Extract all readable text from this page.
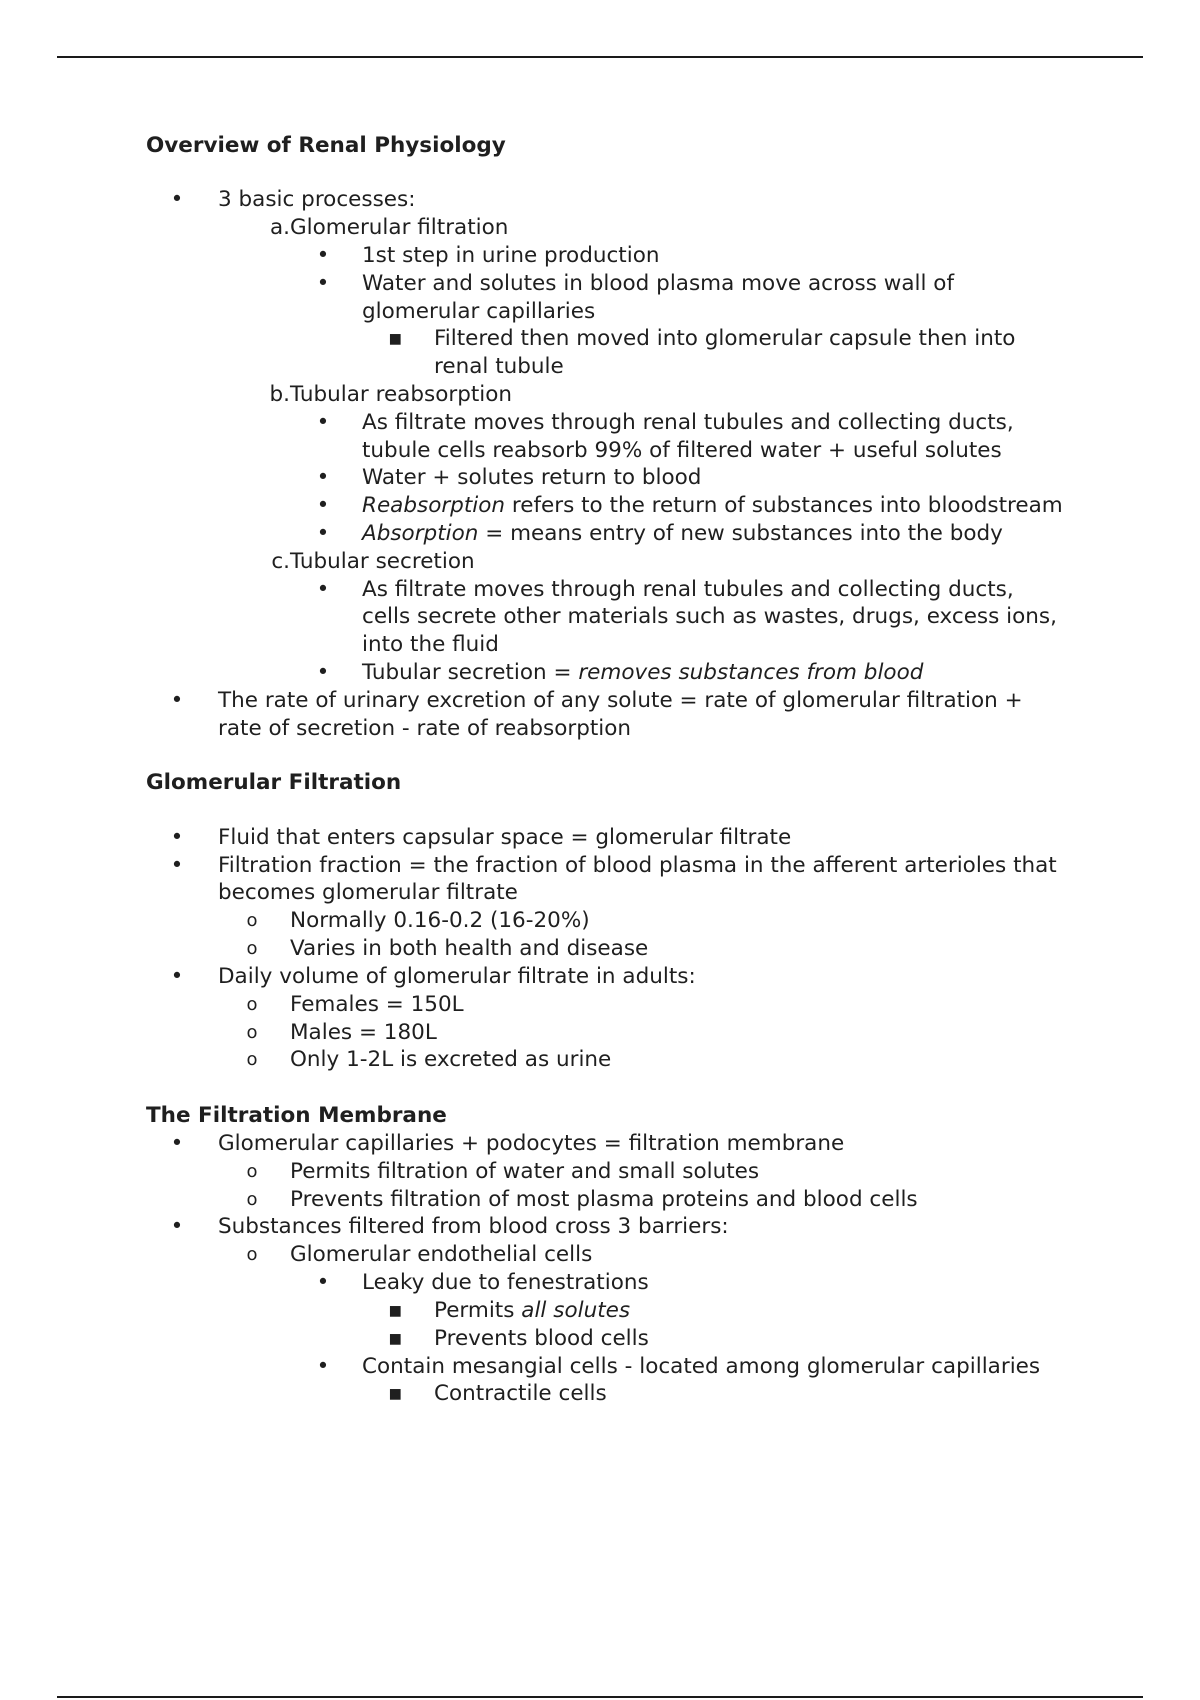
Overview of Renal Physiology
• 3 basic processes:
a. Glomerular filtration
• 1st step in urine production
• Water and solutes in blood plasma move across wall of
glomerular capillaries
▪ Filtered then moved into glomerular capsule then into
renal tubule
b. Tubular reabsorption
• As filtrate moves through renal tubules and collecting ducts,
tubule cells reabsorb 99% of filtered water + useful solutes
• Water + solutes return to blood
• Reabsorption refers to the return of substances into bloodstream
• Absorption = means entry of new substances into the body
c. Tubular secretion
• As filtrate moves through renal tubules and collecting ducts,
cells secrete other materials such as wastes, drugs, excess ions,
into the fluid
• Tubular secretion = removes substances from blood
• The rate of urinary excretion of any solute = rate of glomerular filtration +
rate of secretion - rate of reabsorption
Glomerular Filtration
• Fluid that enters capsular space = glomerular filtrate
• Filtration fraction = the fraction of blood plasma in the afferent arterioles that
becomes glomerular filtrate
o Normally 0.16-0.2 (16-20%)
o Varies in both health and disease
• Daily volume of glomerular filtrate in adults:
o Females = 150L
o Males = 180L
o Only 1-2L is excreted as urine
The Filtration Membrane
• Glomerular capillaries + podocytes = filtration membrane
o Permits filtration of water and small solutes
o Prevents filtration of most plasma proteins and blood cells
• Substances filtered from blood cross 3 barriers:
o Glomerular endothelial cells
• Leaky due to fenestrations
▪ Permits all solutes
▪ Prevents blood cells
• Contain mesangial cells - located among glomerular capillaries
▪ Contractile cells
